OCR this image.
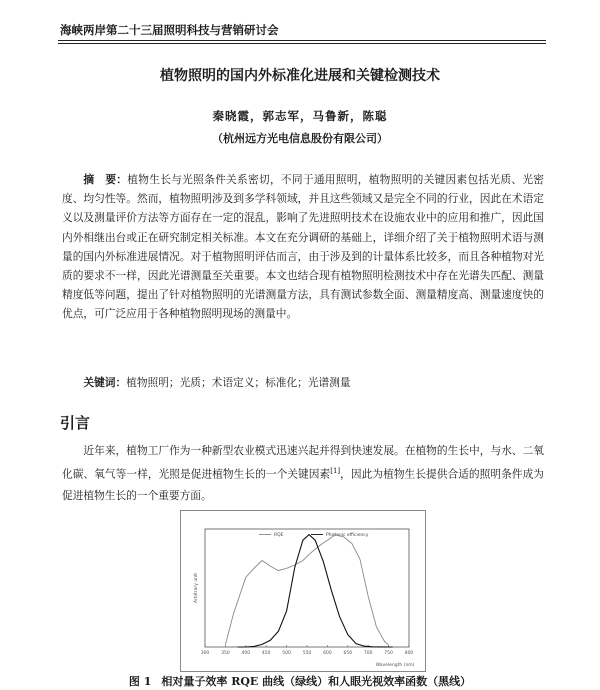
海峡两岸第二十三届照明科技与营销研讨会
植物照明的国内外标准化进展和关键检测技术
秦晓霞，郭志军，马鲁新，陈聪
（杭州远方光电信息股份有限公司）

摘　要：植物生长与光照条件关系密切，不同于通用照明，植物照明的关键因素包括光质、光密度、均匀性等。然而，植物照明涉及到多学科领域，并且这些领域又是完全不同的行业，因此在术语定义以及测量评价方法等方面存在一定的混乱，影响了先进照明技术在设施农业中的应用和推广，因此国内外相继出台或正在研究制定相关标准。本文在充分调研的基础上，详细介绍了关于植物照明术语与测量的国内外标准进展情况。对于植物照明评估而言，由于涉及到的计量体系比较多，而且各种植物对光质的要求不一样，因此光谱测量至关重要。本文也结合现有植物照明检测技术中存在光谱失匹配、测量精度低等问题，提出了针对植物照明的光谱测量方法，具有测试参数全面、测量精度高、测量速度快的优点，可广泛应用于各种植物照明现场的测量中。

关键词：植物照明；光质；术语定义；标准化；光谱测量

引言

近年来，植物工厂作为一种新型农业模式迅速兴起并得到快速发展。在植物的生长中，与水、二氧化碳、氧气等一样，光照是促进植物生长的一个关键因素[1]，因此为植物生长提供合适的照明条件成为促进植物生长的一个重要方面。

RQE	Photopic efficiency
300	350	400	450	500	550	600	650	700	750	800
Wavelength (nm)
Arbitrary unit
图 1 相对量子效率 RQE 曲线（绿线）和人眼光视效率函数（黑线）
